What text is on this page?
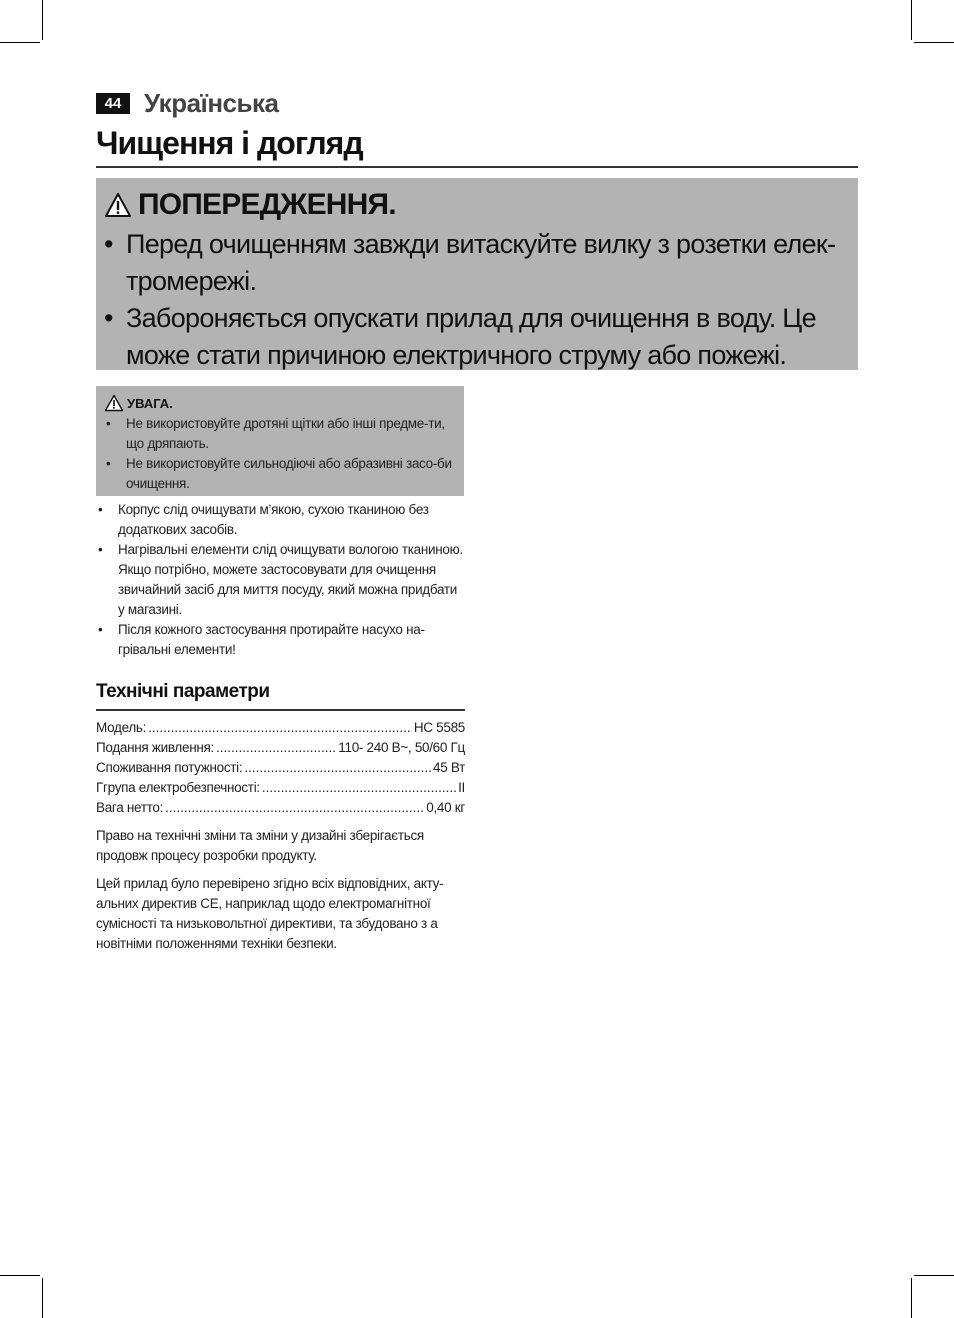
44 Українська
Чищення і догляд
ПОПЕРЕДЖЕННЯ.
• Перед очищенням завжди витаскуйте вилку з розетки елек-тромережі.
• Забороняється опускати прилад для очищення в воду. Це може стати причиною електричного струму або пожежі.
УВАГА.
• Не використовуйте дротяні щітки або інші предме-ти, що дряпають.
• Не використовуйте сильнодіючі або абразивні засо-би очищення.
• Корпус слід очищувати м’якою, сухою тканиною без додаткових засобів.
• Нагрівальні елементи слід очищувати вологою тканиною. Якщо потрібно, можете застосовувати для очищення звичайний засіб для миття посуду, який можна придбати у магазині.
• Після кожного застосування протирайте насухо на-грівальні елементи!
Технічні параметри
Модель: .....	HC 5585
Подання живлення: .....	110- 240 В~, 50/60 Гц
Споживання потужності: .....	45 Вт
Ггрупа електробезпечності: .....	II
Вага нетто: .....	0,40 кг

Право на технічні зміни та зміни у дизайні зберігається продовж процесу розробки продукту.

Цей прилад було перевірено згідно всіх відповідних, акту-альних директив CE, наприклад щодо електромагнітної сумісності та низьковольтної директиви, та збудовано з а новітніми положеннями техніки безпеки.
